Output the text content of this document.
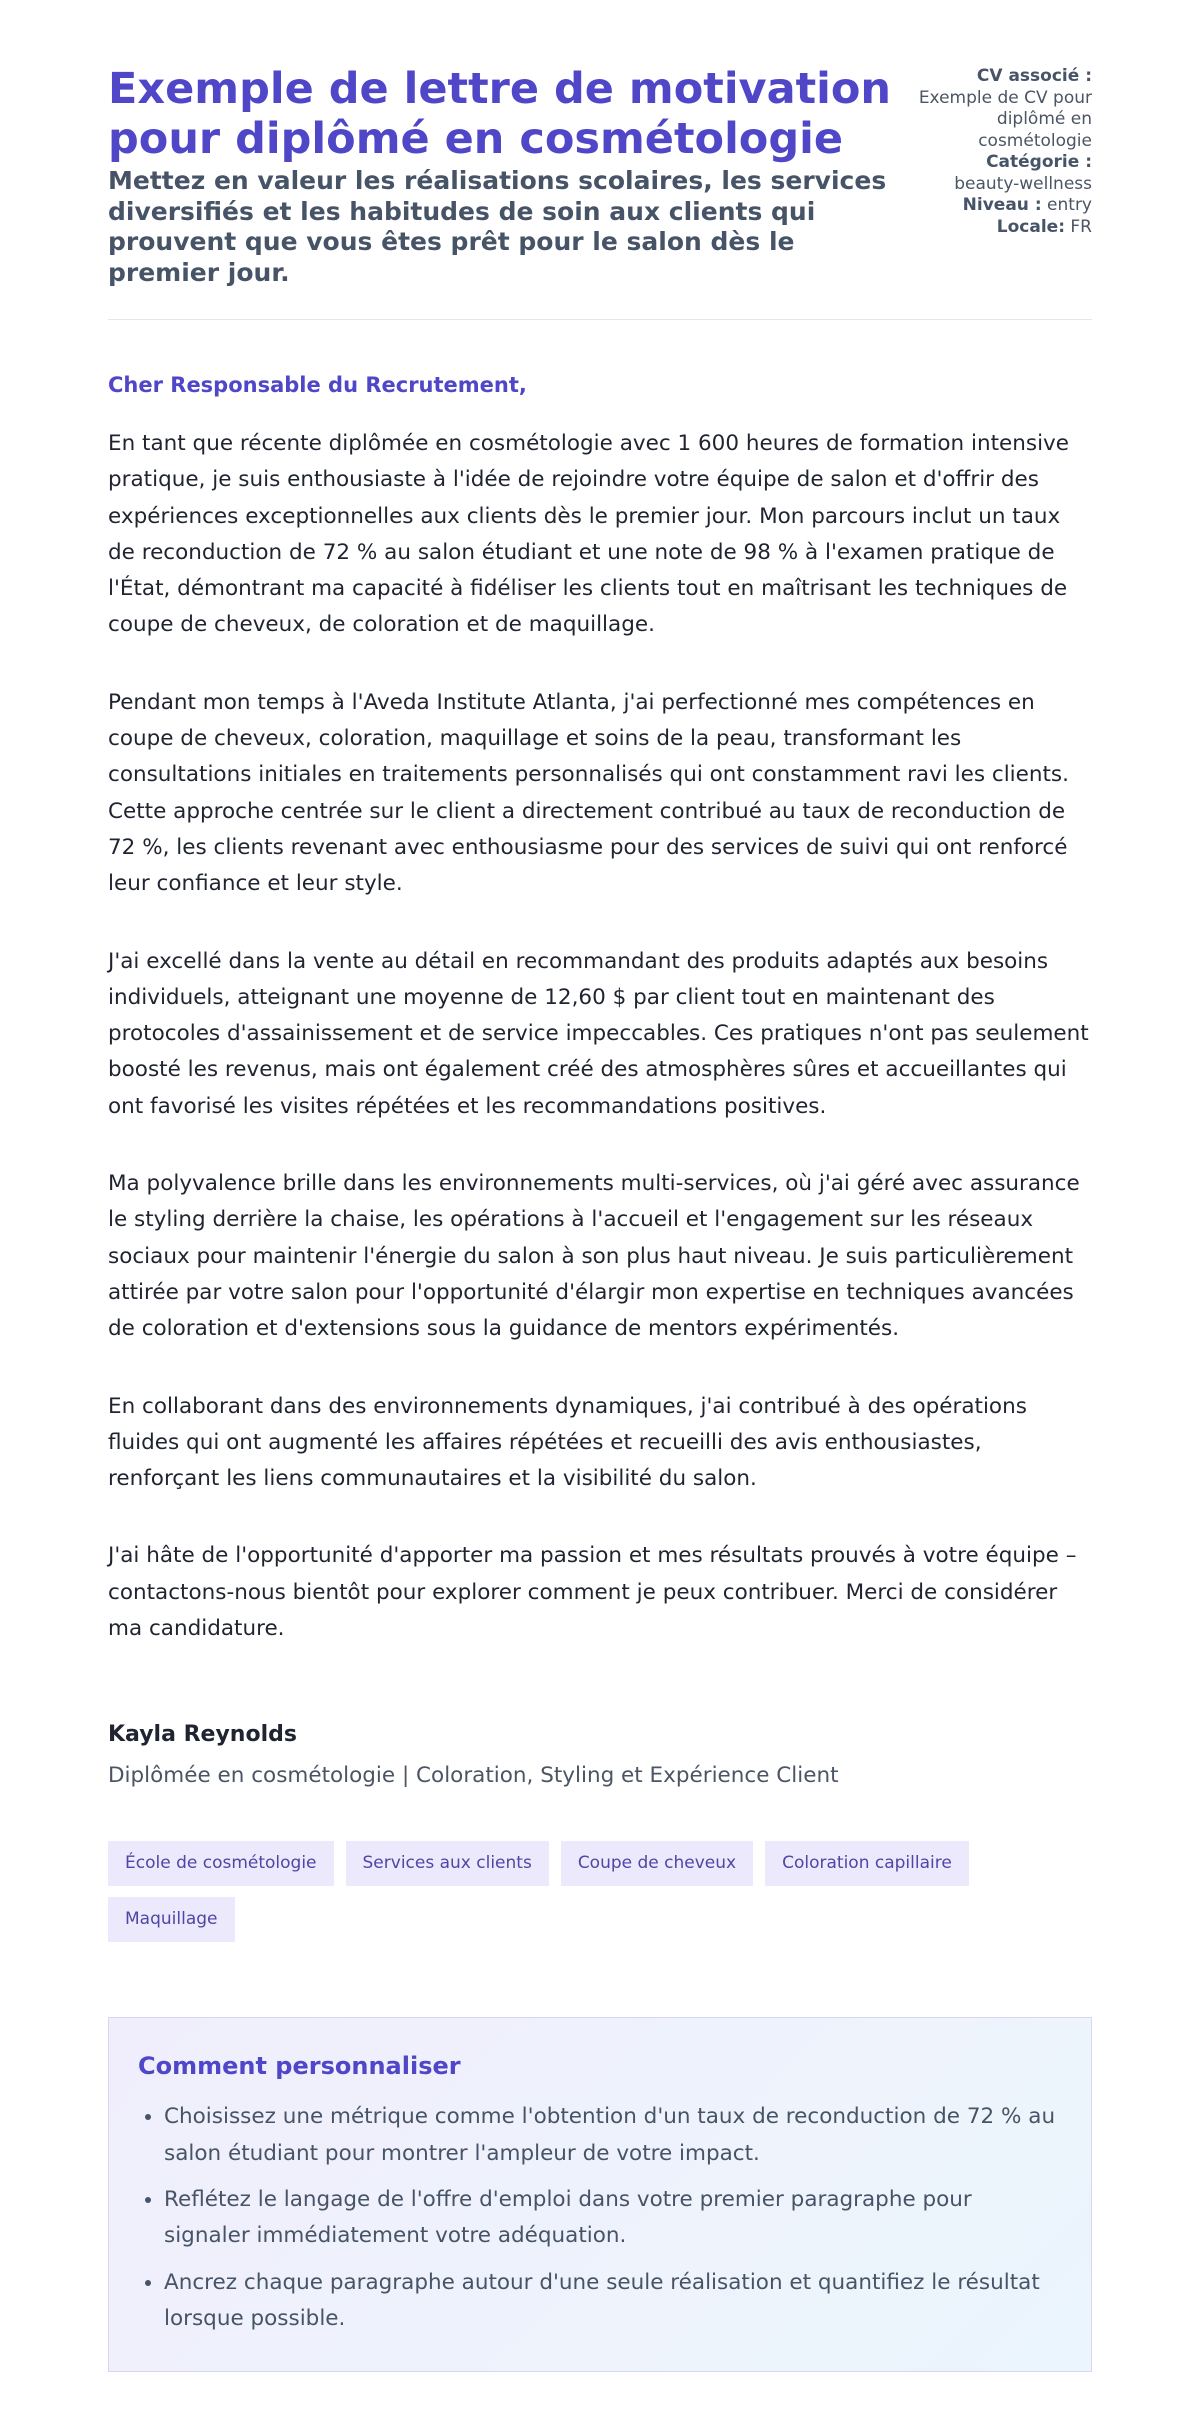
Exemple de lettre de motivation pour diplômé en cosmétologie

Mettez en valeur les réalisations scolaires, les services diversifiés et les habitudes de soin aux clients qui prouvent que vous êtes prêt pour le salon dès le premier jour.

CV associé :
Exemple de CV pour diplômé en cosmétologie
Catégorie :
beauty-wellness
Niveau : entry
Locale: FR

Cher Responsable du Recrutement,

En tant que récente diplômée en cosmétologie avec 1 600 heures de formation intensive pratique, je suis enthousiaste à l'idée de rejoindre votre équipe de salon et d'offrir des expériences exceptionnelles aux clients dès le premier jour. Mon parcours inclut un taux de reconduction de 72 % au salon étudiant et une note de 98 % à l'examen pratique de l'État, démontrant ma capacité à fidéliser les clients tout en maîtrisant les techniques de coupe de cheveux, de coloration et de maquillage.

Pendant mon temps à l'Aveda Institute Atlanta, j'ai perfectionné mes compétences en coupe de cheveux, coloration, maquillage et soins de la peau, transformant les consultations initiales en traitements personnalisés qui ont constamment ravi les clients. Cette approche centrée sur le client a directement contribué au taux de reconduction de 72 %, les clients revenant avec enthousiasme pour des services de suivi qui ont renforcé leur confiance et leur style.

J'ai excellé dans la vente au détail en recommandant des produits adaptés aux besoins individuels, atteignant une moyenne de 12,60 $ par client tout en maintenant des protocoles d'assainissement et de service impeccables. Ces pratiques n'ont pas seulement boosté les revenus, mais ont également créé des atmosphères sûres et accueillantes qui ont favorisé les visites répétées et les recommandations positives.

Ma polyvalence brille dans les environnements multi-services, où j'ai géré avec assurance le styling derrière la chaise, les opérations à l'accueil et l'engagement sur les réseaux sociaux pour maintenir l'énergie du salon à son plus haut niveau. Je suis particulièrement attirée par votre salon pour l'opportunité d'élargir mon expertise en techniques avancées de coloration et d'extensions sous la guidance de mentors expérimentés.

En collaborant dans des environnements dynamiques, j'ai contribué à des opérations fluides qui ont augmenté les affaires répétées et recueilli des avis enthousiastes, renforçant les liens communautaires et la visibilité du salon.

J'ai hâte de l'opportunité d'apporter ma passion et mes résultats prouvés à votre équipe – contactons-nous bientôt pour explorer comment je peux contribuer. Merci de considérer ma candidature.

Kayla Reynolds
Diplômée en cosmétologie | Coloration, Styling et Expérience Client
École de cosmétologie	Services aux clients	Coupe de cheveux	Coloration capillaire
Maquillage
Comment personnaliser
• Choisissez une métrique comme l'obtention d'un taux de reconduction de 72 % au salon étudiant pour montrer l'ampleur de votre impact.
• Reflétez le langage de l'offre d'emploi dans votre premier paragraphe pour signaler immédiatement votre adéquation.
• Ancrez chaque paragraphe autour d'une seule réalisation et quantifiez le résultat lorsque possible.
